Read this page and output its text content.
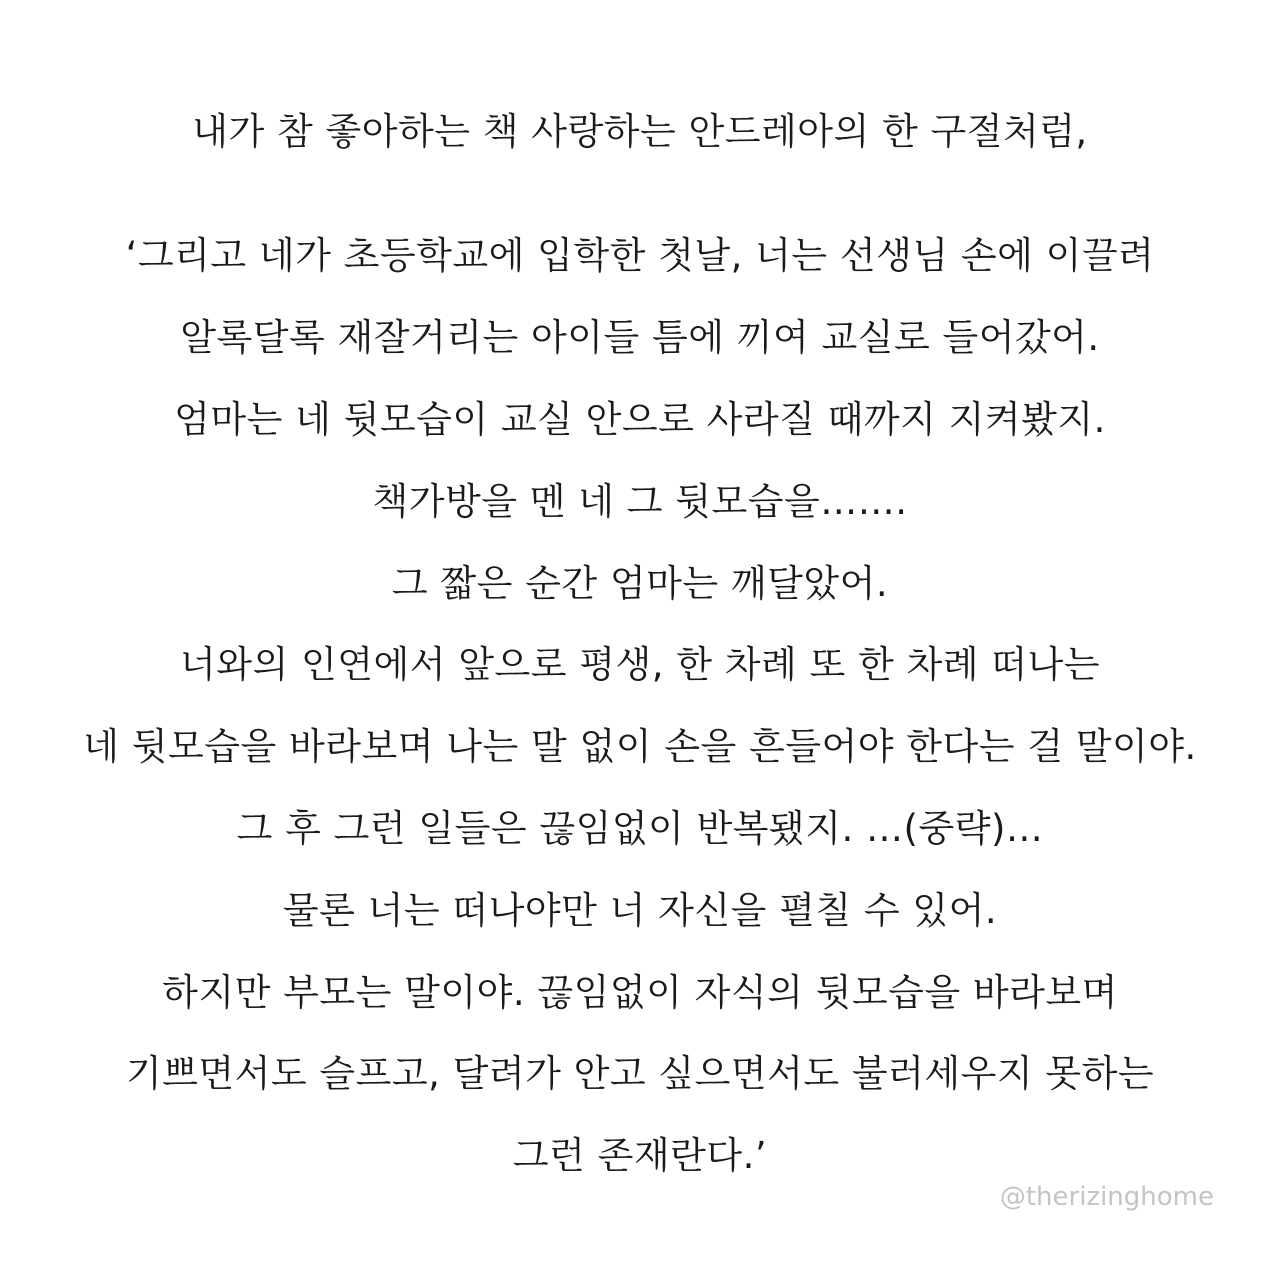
내가 참 좋아하는 책 사랑하는 안드레아의 한 구절처럼,
‘그리고 네가 초등학교에 입학한 첫날, 너는 선생님 손에 이끌려
알록달록 재잘거리는 아이들 틈에 끼여 교실로 들어갔어.
엄마는 네 뒷모습이 교실 안으로 사라질 때까지 지켜봤지.
책가방을 멘 네 그 뒷모습을…….
그 짧은 순간 엄마는 깨달았어.
너와의 인연에서 앞으로 평생, 한 차례 또 한 차례 떠나는
네 뒷모습을 바라보며 나는 말 없이 손을 흔들어야 한다는 걸 말이야.
그 후 그런 일들은 끊임없이 반복됐지. …(중략)…
물론 너는 떠나야만 너 자신을 펼칠 수 있어.
하지만 부모는 말이야. 끊임없이 자식의 뒷모습을 바라보며
기쁘면서도 슬프고, 달려가 안고 싶으면서도 불러세우지 못하는
그런 존재란다.’
@therizinghome
